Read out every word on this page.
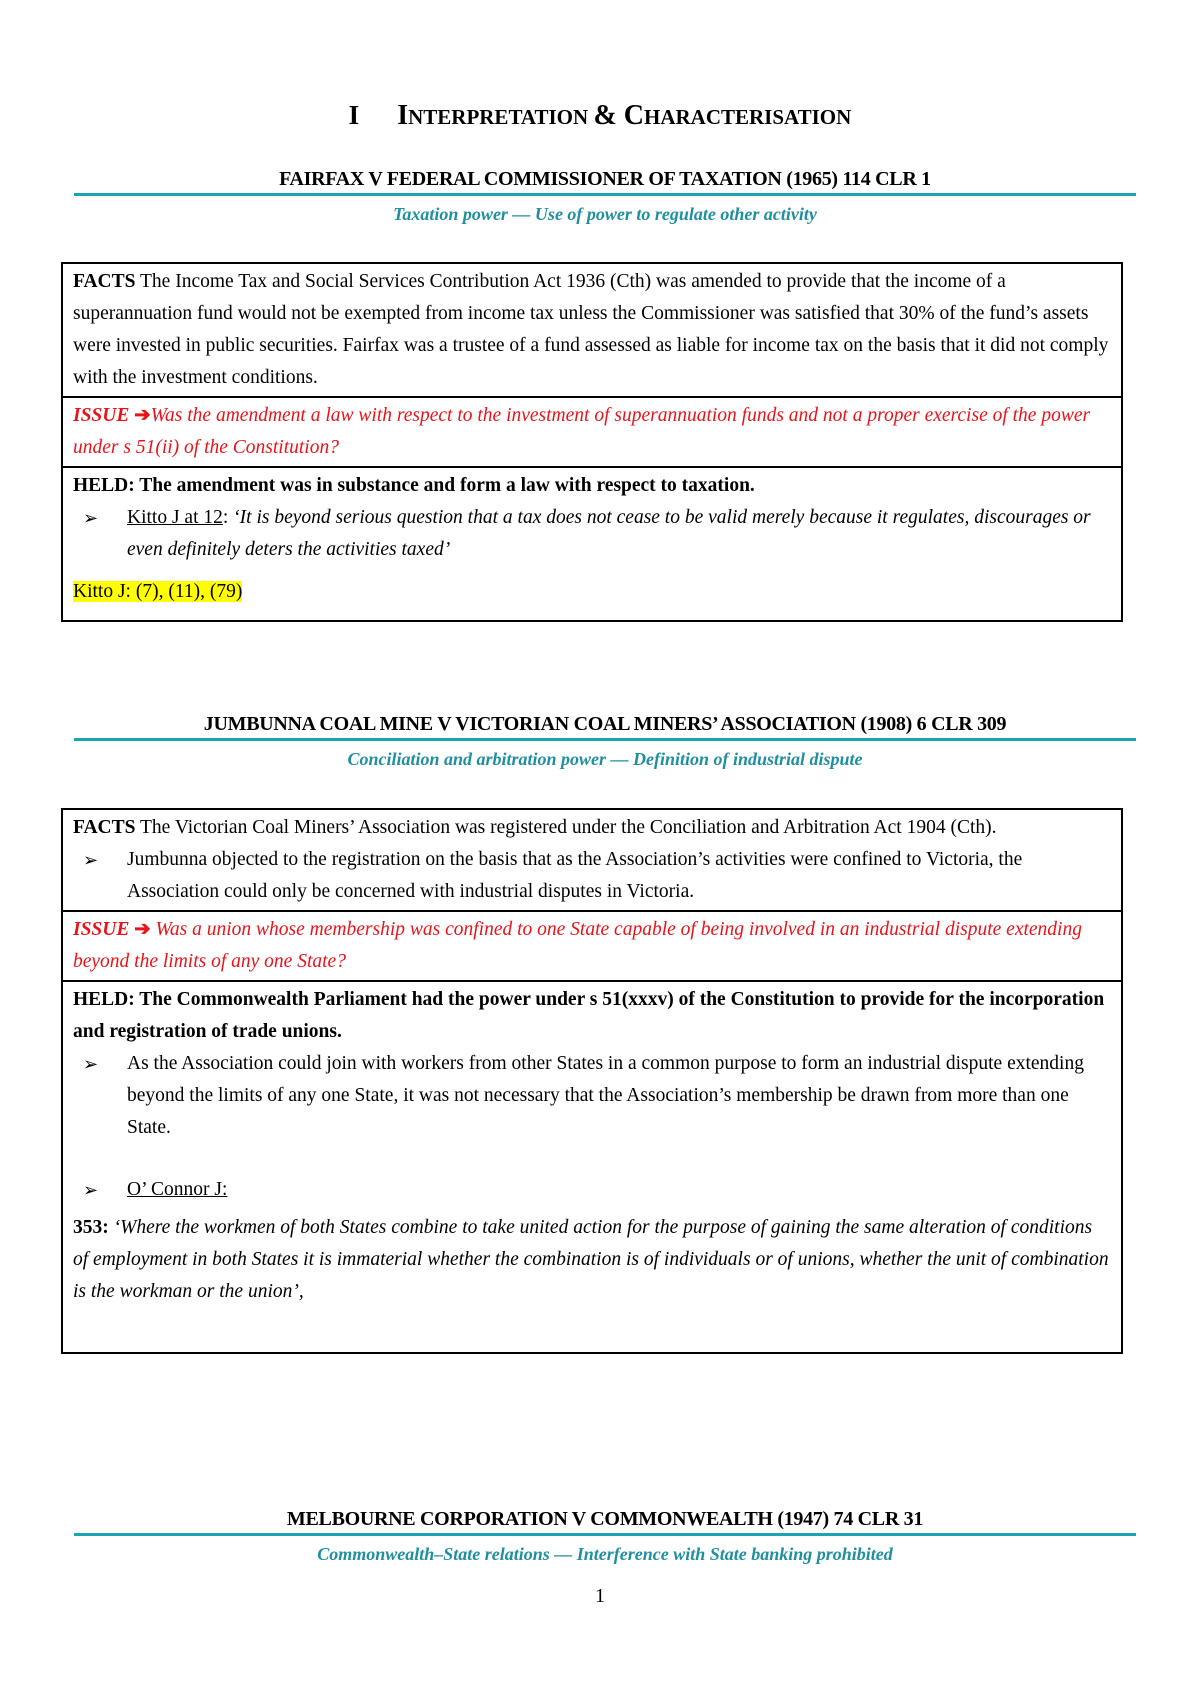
I INTERPRETATION & CHARACTERISATION
FAIRFAX V FEDERAL COMMISSIONER OF TAXATION (1965) 114 CLR 1
Taxation power — Use of power to regulate other activity
FACTS The Income Tax and Social Services Contribution Act 1936 (Cth) was amended to provide that the income of a superannuation fund would not be exempted from income tax unless the Commissioner was satisfied that 30% of the fund’s assets were invested in public securities. Fairfax was a trustee of a fund assessed as liable for income tax on the basis that it did not comply with the investment conditions.
ISSUE ➔Was the amendment a law with respect to the investment of superannuation funds and not a proper exercise of the power under s 51(ii) of the Constitution?
HELD: The amendment was in substance and form a law with respect to taxation.
➢	Kitto J at 12: ‘It is beyond serious question that a tax does not cease to be valid merely because it regulates, discourages or even definitely deters the activities taxed’
Kitto J: (7), (11), (79)
JUMBUNNA COAL MINE V VICTORIAN COAL MINERS’ ASSOCIATION (1908) 6 CLR 309
Conciliation and arbitration power — Definition of industrial dispute
FACTS The Victorian Coal Miners’ Association was registered under the Conciliation and Arbitration Act 1904 (Cth).
➢	Jumbunna objected to the registration on the basis that as the Association’s activities were confined to Victoria, the Association could only be concerned with industrial disputes in Victoria.
ISSUE ➔ Was a union whose membership was confined to one State capable of being involved in an industrial dispute extending beyond the limits of any one State?
HELD: The Commonwealth Parliament had the power under s 51(xxxv) of the Constitution to provide for the incorporation and registration of trade unions.
➢	As the Association could join with workers from other States in a common purpose to form an industrial dispute extending beyond the limits of any one State, it was not necessary that the Association’s membership be drawn from more than one State.
➢	O’ Connor J:
353: ‘Where the workmen of both States combine to take united action for the purpose of gaining the same alteration of conditions of employment in both States it is immaterial whether the combination is of individuals or of unions, whether the unit of combination is the workman or the union’,
MELBOURNE CORPORATION V COMMONWEALTH (1947) 74 CLR 31
Commonwealth–State relations — Interference with State banking prohibited
1
